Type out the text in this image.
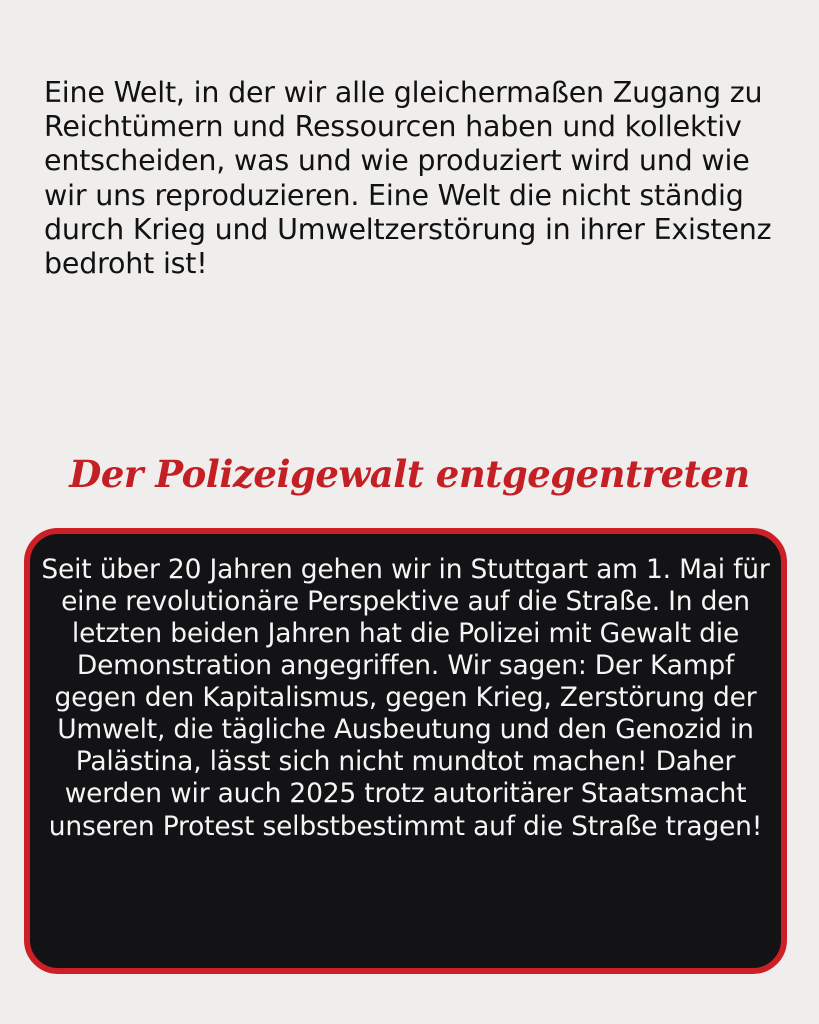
Eine Welt, in der wir alle gleichermaßen Zugang zu Reichtümern und Ressourcen haben und kollektiv entscheiden, was und wie produziert wird und wie wir uns reproduzieren. Eine Welt die nicht ständig durch Krieg und Umweltzerstörung in ihrer Existenz bedroht ist!

Der Polizeigewalt entgegentreten

Seit über 20 Jahren gehen wir in Stuttgart am 1. Mai für eine revolutionäre Perspektive auf die Straße. In den letzten beiden Jahren hat die Polizei mit Gewalt die Demonstration angegriffen. Wir sagen: Der Kampf gegen den Kapitalismus, gegen Krieg, Zerstörung der Umwelt, die tägliche Ausbeutung und den Genozid in Palästina, lässt sich nicht mundtot machen! Daher werden wir auch 2025 trotz autoritärer Staatsmacht unseren Protest selbstbestimmt auf die Straße tragen!
